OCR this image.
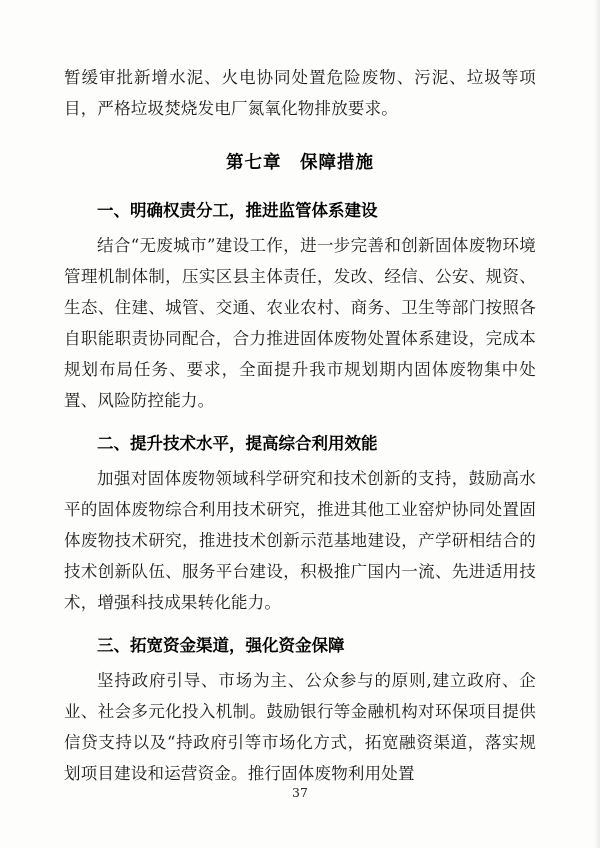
暂缓审批新增水泥、火电协同处置危险废物、污泥、垃圾等项目，严格垃圾焚烧发电厂氮氧化物排放要求。

第七章　保障措施
一、明确权责分工，推进监管体系建设

结合“无废城市”建设工作，进一步完善和创新固体废物环境管理机制体制，压实区县主体责任，发改、经信、公安、规资、生态、住建、城管、交通、农业农村、商务、卫生等部门按照各自职能职责协同配合，合力推进固体废物处置体系建设，完成本规划布局任务、要求，全面提升我市规划期内固体废物集中处置、风险防控能力。

二、提升技术水平，提高综合利用效能

加强对固体废物领域科学研究和技术创新的支持，鼓励高水平的固体废物综合利用技术研究，推进其他工业窑炉协同处置固体废物技术研究，推进技术创新示范基地建设，产学研相结合的技术创新队伍、服务平台建设，积极推广国内一流、先进适用技术，增强科技成果转化能力。

三、拓宽资金渠道，强化资金保障

坚持政府引导、市场为主、公众参与的原则,建立政府、企业、社会多元化投入机制。鼓励银行等金融机构对环保项目提供信贷支持以及“持政府引等市场化方式，拓宽融资渠道，落实规划项目建设和运营资金。推行固体废物利用处置

37
